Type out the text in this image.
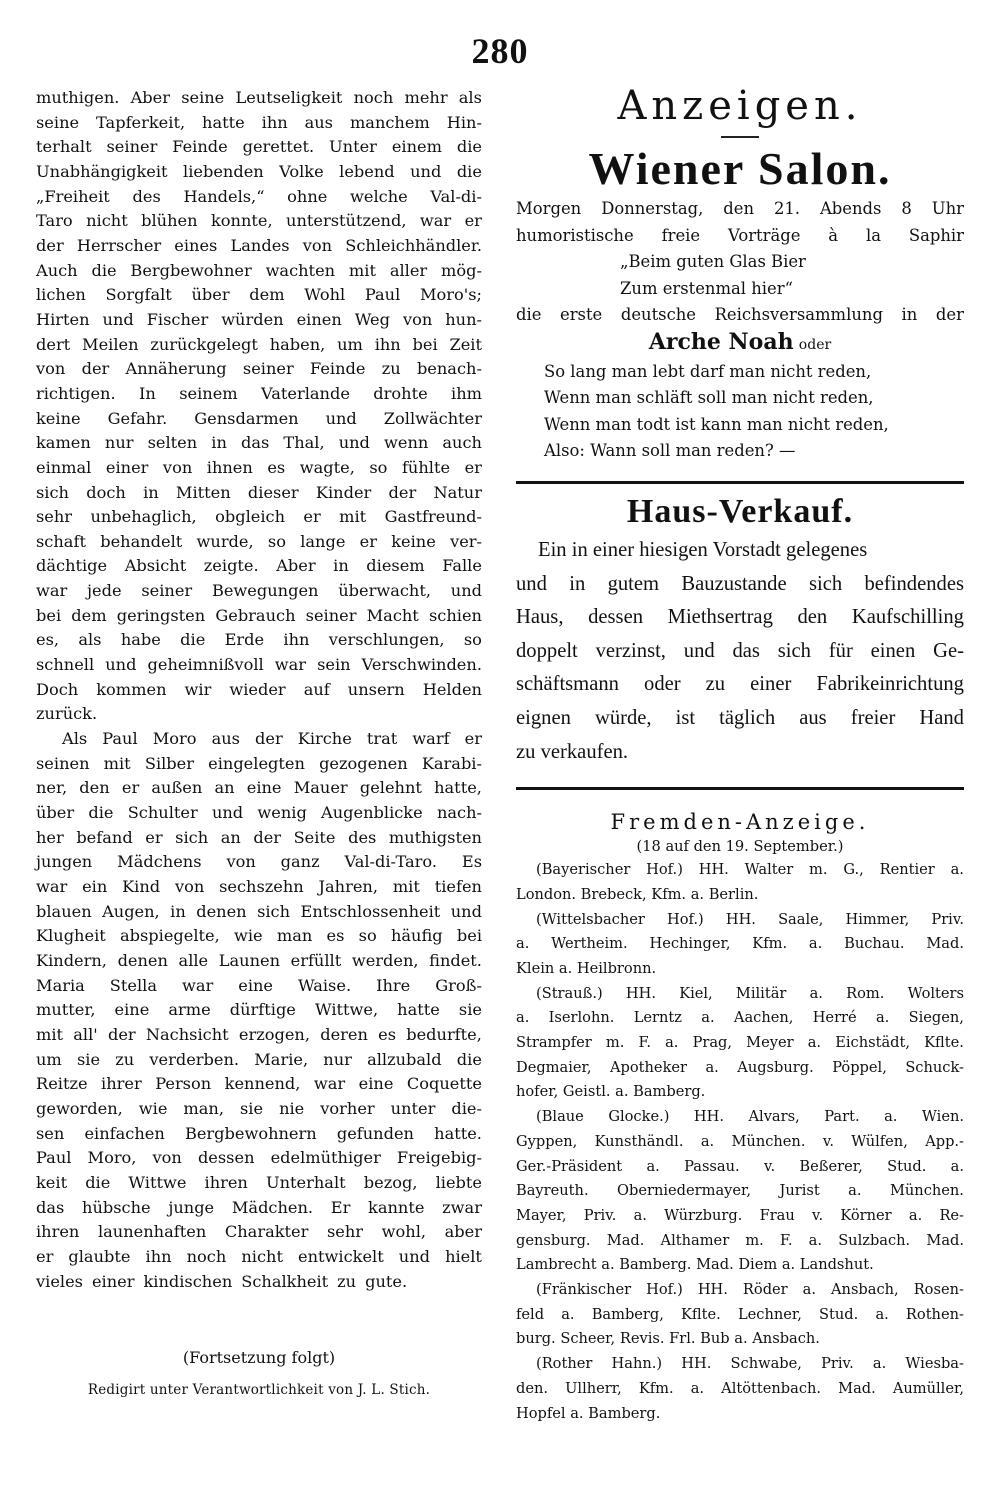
280
muthigen. Aber seine Leutseligkeit noch mehr als
seine Tapferkeit, hatte ihn aus manchem Hin-
terhalt seiner Feinde gerettet. Unter einem die
Unabhängigkeit liebenden Volke lebend und die
„Freiheit des Handels,“ ohne welche Val-di-
Taro nicht blühen konnte, unterstützend, war er
der Herrscher eines Landes von Schleichhändler.
Auch die Bergbewohner wachten mit aller mög-
lichen Sorgfalt über dem Wohl Paul Moro's;
Hirten und Fischer würden einen Weg von hun-
dert Meilen zurückgelegt haben, um ihn bei Zeit
von der Annäherung seiner Feinde zu benach-
richtigen. In seinem Vaterlande drohte ihm
keine Gefahr. Gensdarmen und Zollwächter
kamen nur selten in das Thal, und wenn auch
einmal einer von ihnen es wagte, so fühlte er
sich doch in Mitten dieser Kinder der Natur
sehr unbehaglich, obgleich er mit Gastfreund-
schaft behandelt wurde, so lange er keine ver-
dächtige Absicht zeigte. Aber in diesem Falle
war jede seiner Bewegungen überwacht, und
bei dem geringsten Gebrauch seiner Macht schien
es, als habe die Erde ihn verschlungen, so
schnell und geheimnißvoll war sein Verschwinden.
Doch kommen wir wieder auf unsern Helden
zurück.
Als Paul Moro aus der Kirche trat warf er
seinen mit Silber eingelegten gezogenen Karabi-
ner, den er außen an eine Mauer gelehnt hatte,
über die Schulter und wenig Augenblicke nach-
her befand er sich an der Seite des muthigsten
jungen Mädchens von ganz Val-di-Taro. Es
war ein Kind von sechszehn Jahren, mit tiefen
blauen Augen, in denen sich Entschlossenheit und
Klugheit abspiegelte, wie man es so häufig bei
Kindern, denen alle Launen erfüllt werden, findet.
Maria Stella war eine Waise. Ihre Groß-
mutter, eine arme dürftige Wittwe, hatte sie
mit all' der Nachsicht erzogen, deren es bedurfte,
um sie zu verderben. Marie, nur allzubald die
Reitze ihrer Person kennend, war eine Coquette
geworden, wie man, sie nie vorher unter die-
sen einfachen Bergbewohnern gefunden hatte.
Paul Moro, von dessen edelmüthiger Freigebig-
keit die Wittwe ihren Unterhalt bezog, liebte
das hübsche junge Mädchen. Er kannte zwar
ihren launenhaften Charakter sehr wohl, aber
er glaubte ihn noch nicht entwickelt und hielt
vieles einer kindischen Schalkheit zu gute.
(Fortsetzung folgt)
Redigirt unter Verantwortlichkeit von J. L. Stich.
Anzeigen.
Wiener Salon.
Morgen Donnerstag, den 21. Abends 8 Uhr
humoristische freie Vorträge à la Saphir
„Beim guten Glas Bier
Zum erstenmal hier“
die erste deutsche Reichsversammlung in der
Arche Noah oder
So lang man lebt darf man nicht reden,
Wenn man schläft soll man nicht reden,
Wenn man todt ist kann man nicht reden,
Also: Wann soll man reden? —
Haus-Verkauf.
Ein in einer hiesigen Vorstadt gelegenes
und in gutem Bauzustande sich befindendes
Haus, dessen Miethsertrag den Kaufschilling
doppelt verzinst, und das sich für einen Ge-
schäftsmann oder zu einer Fabrikeinrichtung
eignen würde, ist täglich aus freier Hand
zu verkaufen.
Fremden-Anzeige.
(18 auf den 19. September.)
(Bayerischer Hof.) HH. Walter m. G., Rentier a.
London. Brebeck, Kfm. a. Berlin.
(Wittelsbacher Hof.) HH. Saale, Himmer, Priv.
a. Wertheim. Hechinger, Kfm. a. Buchau. Mad.
Klein a. Heilbronn.
(Strauß.) HH. Kiel, Militär a. Rom. Wolters
a. Iserlohn. Lerntz a. Aachen, Herré a. Siegen,
Strampfer m. F. a. Prag, Meyer a. Eichstädt, Kflte.
Degmaier, Apotheker a. Augsburg. Pöppel, Schuck-
hofer, Geistl. a. Bamberg.
(Blaue Glocke.) HH. Alvars, Part. a. Wien.
Gyppen, Kunsthändl. a. München. v. Wülfen, App.-
Ger.-Präsident a. Passau. v. Beßerer, Stud. a.
Bayreuth. Oberniedermayer, Jurist a. München.
Mayer, Priv. a. Würzburg. Frau v. Körner a. Re-
gensburg. Mad. Althamer m. F. a. Sulzbach. Mad.
Lambrecht a. Bamberg. Mad. Diem a. Landshut.
(Fränkischer Hof.) HH. Röder a. Ansbach, Rosen-
feld a. Bamberg, Kflte. Lechner, Stud. a. Rothen-
burg. Scheer, Revis. Frl. Bub a. Ansbach.
(Rother Hahn.) HH. Schwabe, Priv. a. Wiesba-
den. Ullherr, Kfm. a. Altöttenbach. Mad. Aumüller,
Hopfel a. Bamberg.
